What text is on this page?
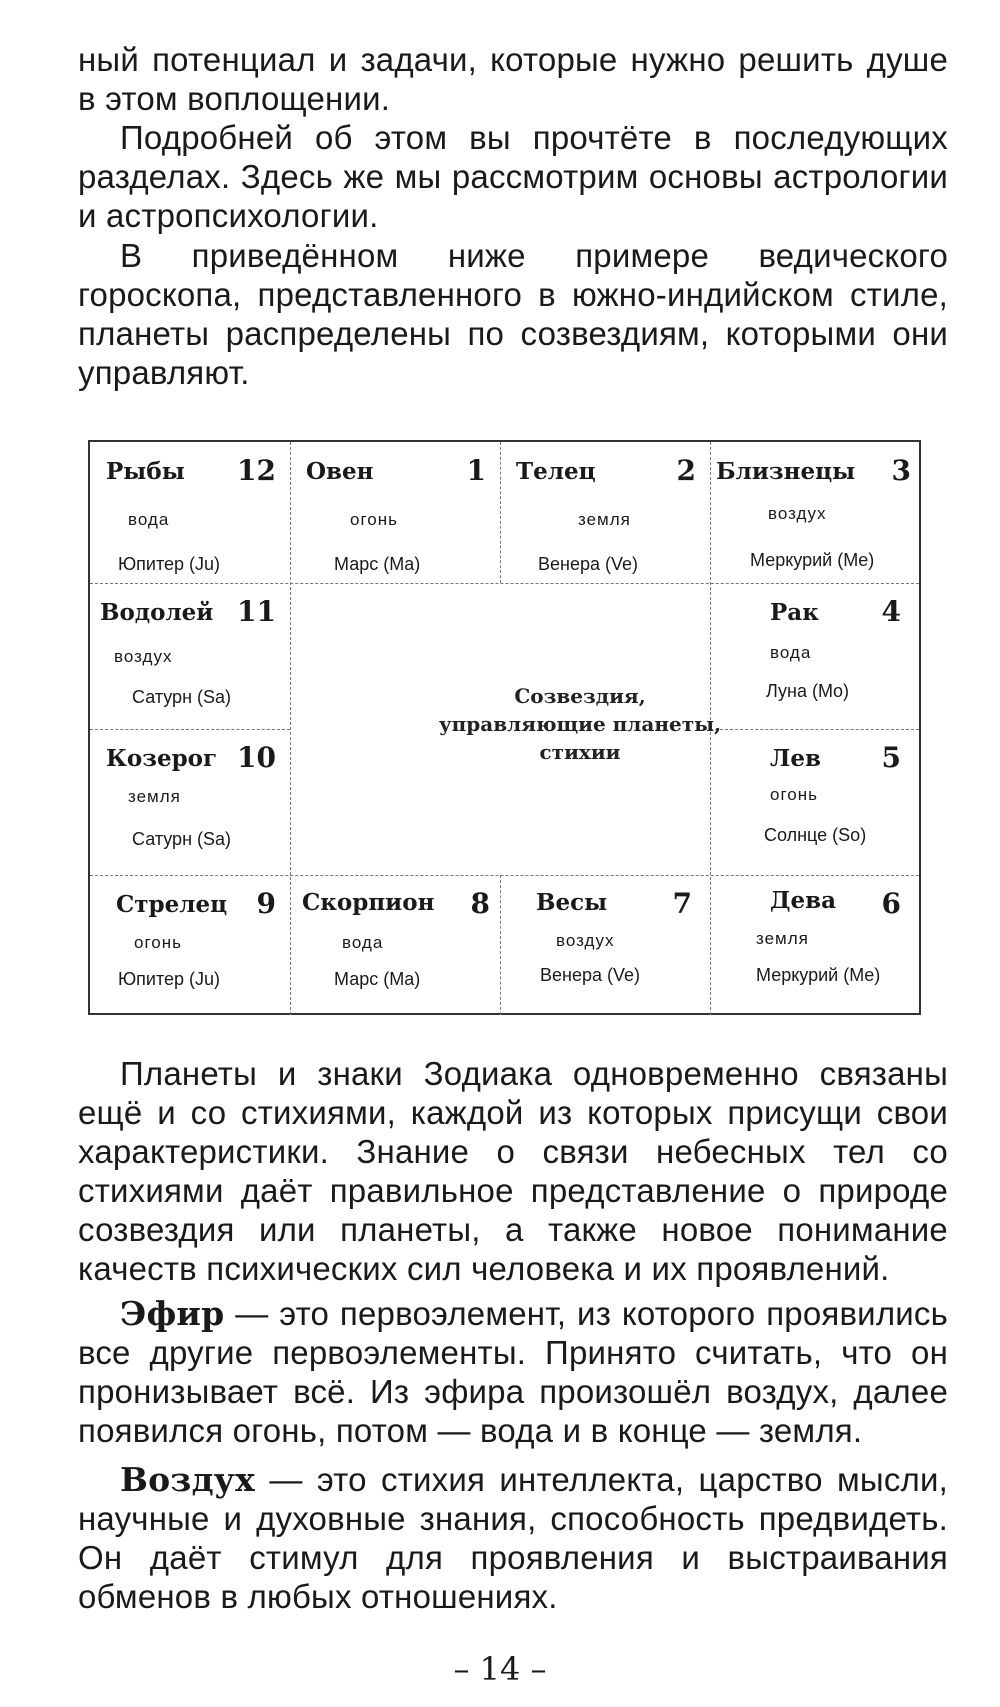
ный потенциал и задачи, которые нужно решить душе в этом воплощении.

Подробней об этом вы прочтёте в последующих разделах. Здесь же мы рассмотрим основы астрологии и астропсихологии.

В приведённом ниже примере ведического гороскопа, представленного в южно-индийском стиле, планеты распределены по созвездиям, которыми они управляют.

Рыбы 12
вода
Юпитер (Ju)
Овен	1
огонь
Марс (Ma)
Телец	2
земля
Венера (Ve)
Близнецы 3
воздух
Меркурий (Me)
Водолей 11
воздух
Сатурн (Sa)
Рак 4
вода
Луна (Mo)
Козерог 10
земля
Сатурн (Sa)
Лев 5
огонь
Солнце (So)
Стрелец 9
огонь
Юпитер (Ju)
Скорпион 8
вода
Марс (Ma)
Весы 7
воздух
Венера (Ve)
Дева 6
земля
Меркурий (Me)
Созвездия,
управляющие планеты,
стихии

Планеты и знаки Зодиака одновременно связаны ещё и со стихиями, каждой из которых присущи свои характеристики. Знание о связи небесных тел со стихиями даёт правильное представление о природе созвездия или планеты, а также новое понимание качеств психических сил человека и их проявлений.

Эфир — это первоэлемент, из которого проявились все другие первоэлементы. Принято считать, что он пронизывает всё. Из эфира произошёл воздух, далее появился огонь, потом — вода и в конце — земля.

Воздух — это стихия интеллекта, царство мысли, научные и духовные знания, способность предвидеть. Он даёт стимул для проявления и выстраивания обменов в любых отношениях.

– 14 –
